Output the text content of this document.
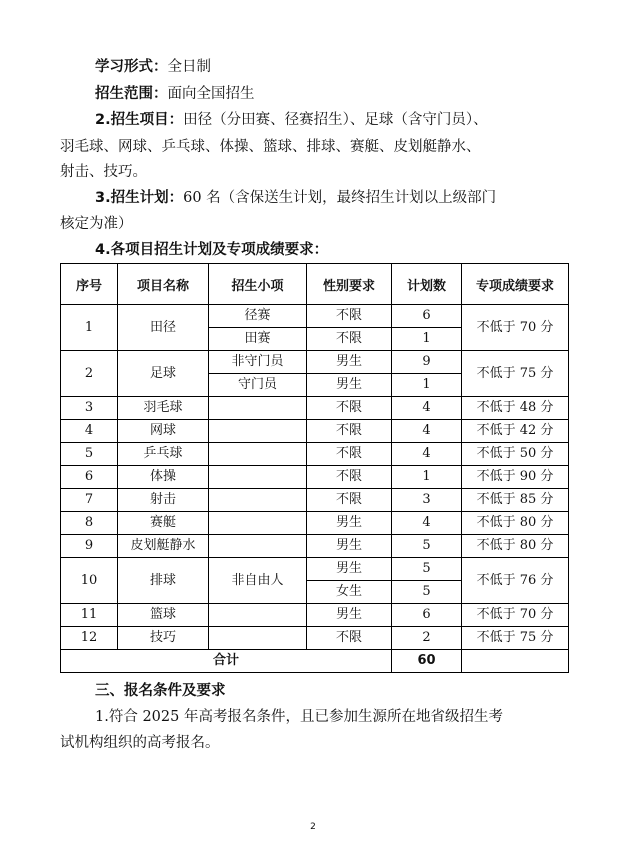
学习形式：全日制
招生范围：面向全国招生
2.招生项目：田径（分田赛、径赛招生）、足球（含守门员）、
羽毛球、网球、乒乓球、体操、篮球、排球、赛艇、皮划艇静水、
射击、技巧。
3.招生计划：60 名（含保送生计划，最终招生计划以上级部门
核定为准）
4.各项目招生计划及专项成绩要求：
序号	项目名称	招生小项	性别要求	计划数	专项成绩要求
1	田径	径赛	不限	6	不低于 70 分
		田赛	不限	1	
2	足球	非守门员	男生	9	不低于 75 分
		守门员	男生	1	
3	羽毛球		不限	4	不低于 48 分
4	网球		不限	4	不低于 42 分
5	乒乓球		不限	4	不低于 50 分
6	体操		不限	1	不低于 90 分
7	射击		不限	3	不低于 85 分
8	赛艇		男生	4	不低于 80 分
9	皮划艇静水		男生	5	不低于 80 分
10	排球	非自由人	男生	5	不低于 76 分
			女生	5	
11	篮球		男生	6	不低于 70 分
12	技巧		不限	2	不低于 75 分
合计				60	
三、报名条件及要求
1.符合 2025 年高考报名条件，且已参加生源所在地省级招生考
试机构组织的高考报名。
2
